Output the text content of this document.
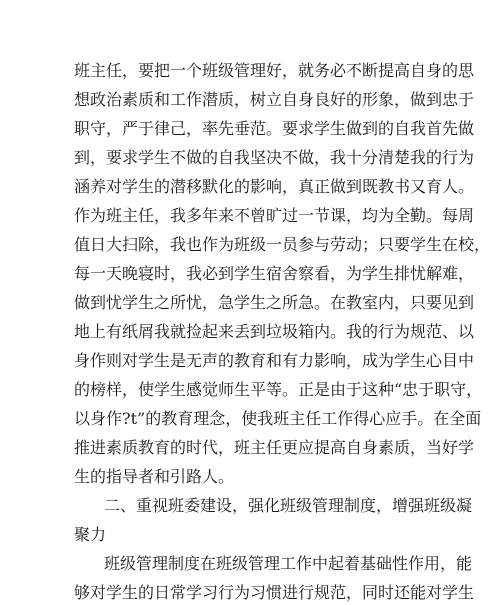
班主任，要把一个班级管理好，就务必不断提高自身的思
想政治素质和工作潜质，树立自身良好的形象，做到忠于
职守，严于律己，率先垂范。要求学生做到的自我首先做
到，要求学生不做的自我坚决不做，我十分清楚我的行为
涵养对学生的潜移默化的影响，真正做到既教书又育人。
作为班主任，我多年来不曾旷过一节课，均为全勤。每周
值日大扫除，我也作为班级一员参与劳动；只要学生在校，
每一天晚寝时，我必到学生宿舍察看，为学生排忧解难，
做到忧学生之所忧，急学生之所急。在教室内，只要见到
地上有纸屑我就捡起来丢到垃圾箱内。我的行为规范、以
身作则对学生是无声的教育和有力影响，成为学生心目中
的榜样，使学生感觉师生平等。正是由于这种“忠于职守，
以身作?t”的教育理念，使我班主任工作得心应手。在全面
推进素质教育的时代，班主任更应提高自身素质，当好学
生的指导者和引路人。
二、重视班委建设，强化班级管理制度，增强班级凝
聚力
班级管理制度在班级管理工作中起着基础性作用，能
够对学生的日常学习行为习惯进行规范，同时还能对学生
